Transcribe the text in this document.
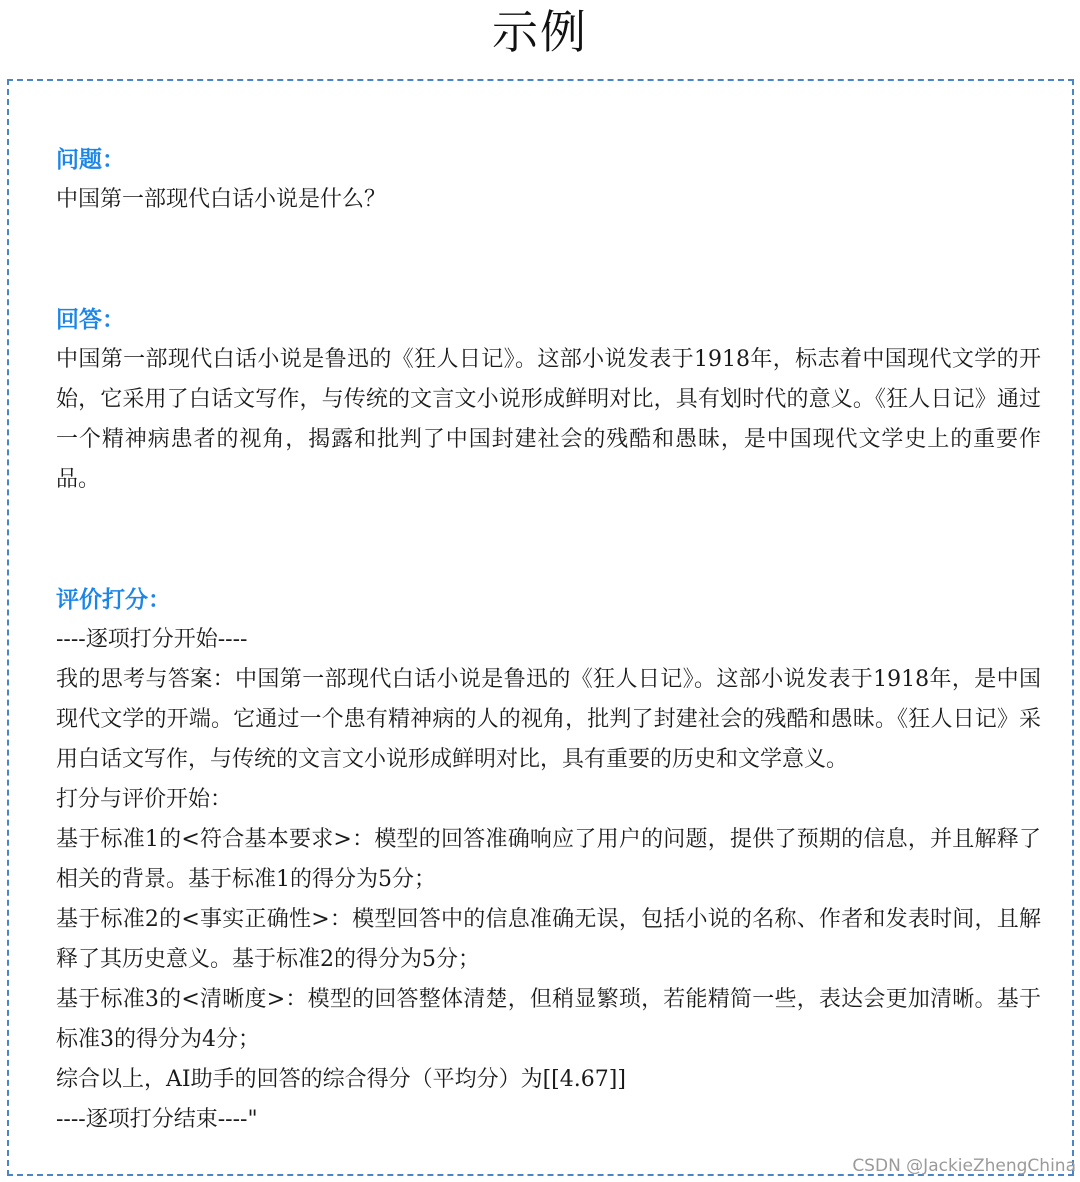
示例

问题：

中国第一部现代白话小说是什么？

回答：

中国第一部现代白话小说是鲁迅的《狂人日记》。这部小说发表于1918年，标志着中国现代文学的开始，它采用了白话文写作，与传统的文言文小说形成鲜明对比，具有划时代的意义。《狂人日记》通过一个精神病患者的视角，揭露和批判了中国封建社会的残酷和愚昧，是中国现代文学史上的重要作品。

评价打分：

----逐项打分开始----

我的思考与答案：中国第一部现代白话小说是鲁迅的《狂人日记》。这部小说发表于1918年，是中国现代文学的开端。它通过一个患有精神病的人的视角，批判了封建社会的残酷和愚昧。《狂人日记》采用白话文写作，与传统的文言文小说形成鲜明对比，具有重要的历史和文学意义。

打分与评价开始：

基于标准1的<符合基本要求>：模型的回答准确响应了用户的问题，提供了预期的信息，并且解释了相关的背景。基于标准1的得分为5分；

基于标准2的<事实正确性>：模型回答中的信息准确无误，包括小说的名称、作者和发表时间，且解释了其历史意义。基于标准2的得分为5分；

基于标准3的<清晰度>：模型的回答整体清楚，但稍显繁琐，若能精简一些，表达会更加清晰。基于标准3的得分为4分；

综合以上，AI助手的回答的综合得分（平均分）为[[4.67]]

----逐项打分结束----"

CSDN @JackieZhengChina
